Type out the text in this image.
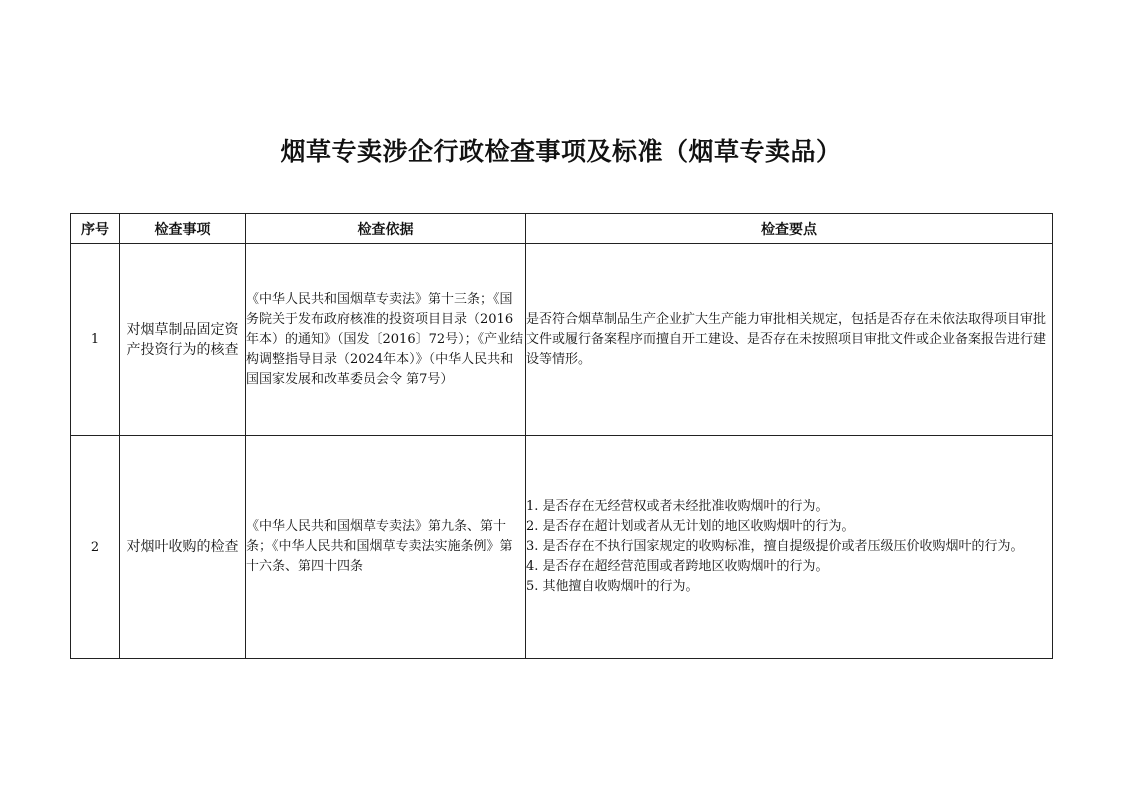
烟草专卖涉企行政检查事项及标准（烟草专卖品）
序号	检查事项	检查依据	检查要点
1	对烟草制品固定资产投资行为的核查	《中华人民共和国烟草专卖法》第十三条；《国务院关于发布政府核准的投资项目目录（2016年本）的通知》（国发〔2016〕72号）；《产业结构调整指导目录（2024年本）》（中华人民共和国国家发展和改革委员会令 第7号）	是否符合烟草制品生产企业扩大生产能力审批相关规定，包括是否存在未依法取得项目审批文件或履行备案程序而擅自开工建设、是否存在未按照项目审批文件或企业备案报告进行建设等情形。

2	对烟叶收购的检查	《中华人民共和国烟草专卖法》第九条、第十条；《中华人民共和国烟草专卖法实施条例》第十六条、第四十四条	1. 是否存在无经营权或者未经批准收购烟叶的行为。
2. 是否存在超计划或者从无计划的地区收购烟叶的行为。
3. 是否存在不执行国家规定的收购标准，擅自提级提价或者压级压价收购烟叶的行为。
4. 是否存在超经营范围或者跨地区收购烟叶的行为。
5. 其他擅自收购烟叶的行为。
